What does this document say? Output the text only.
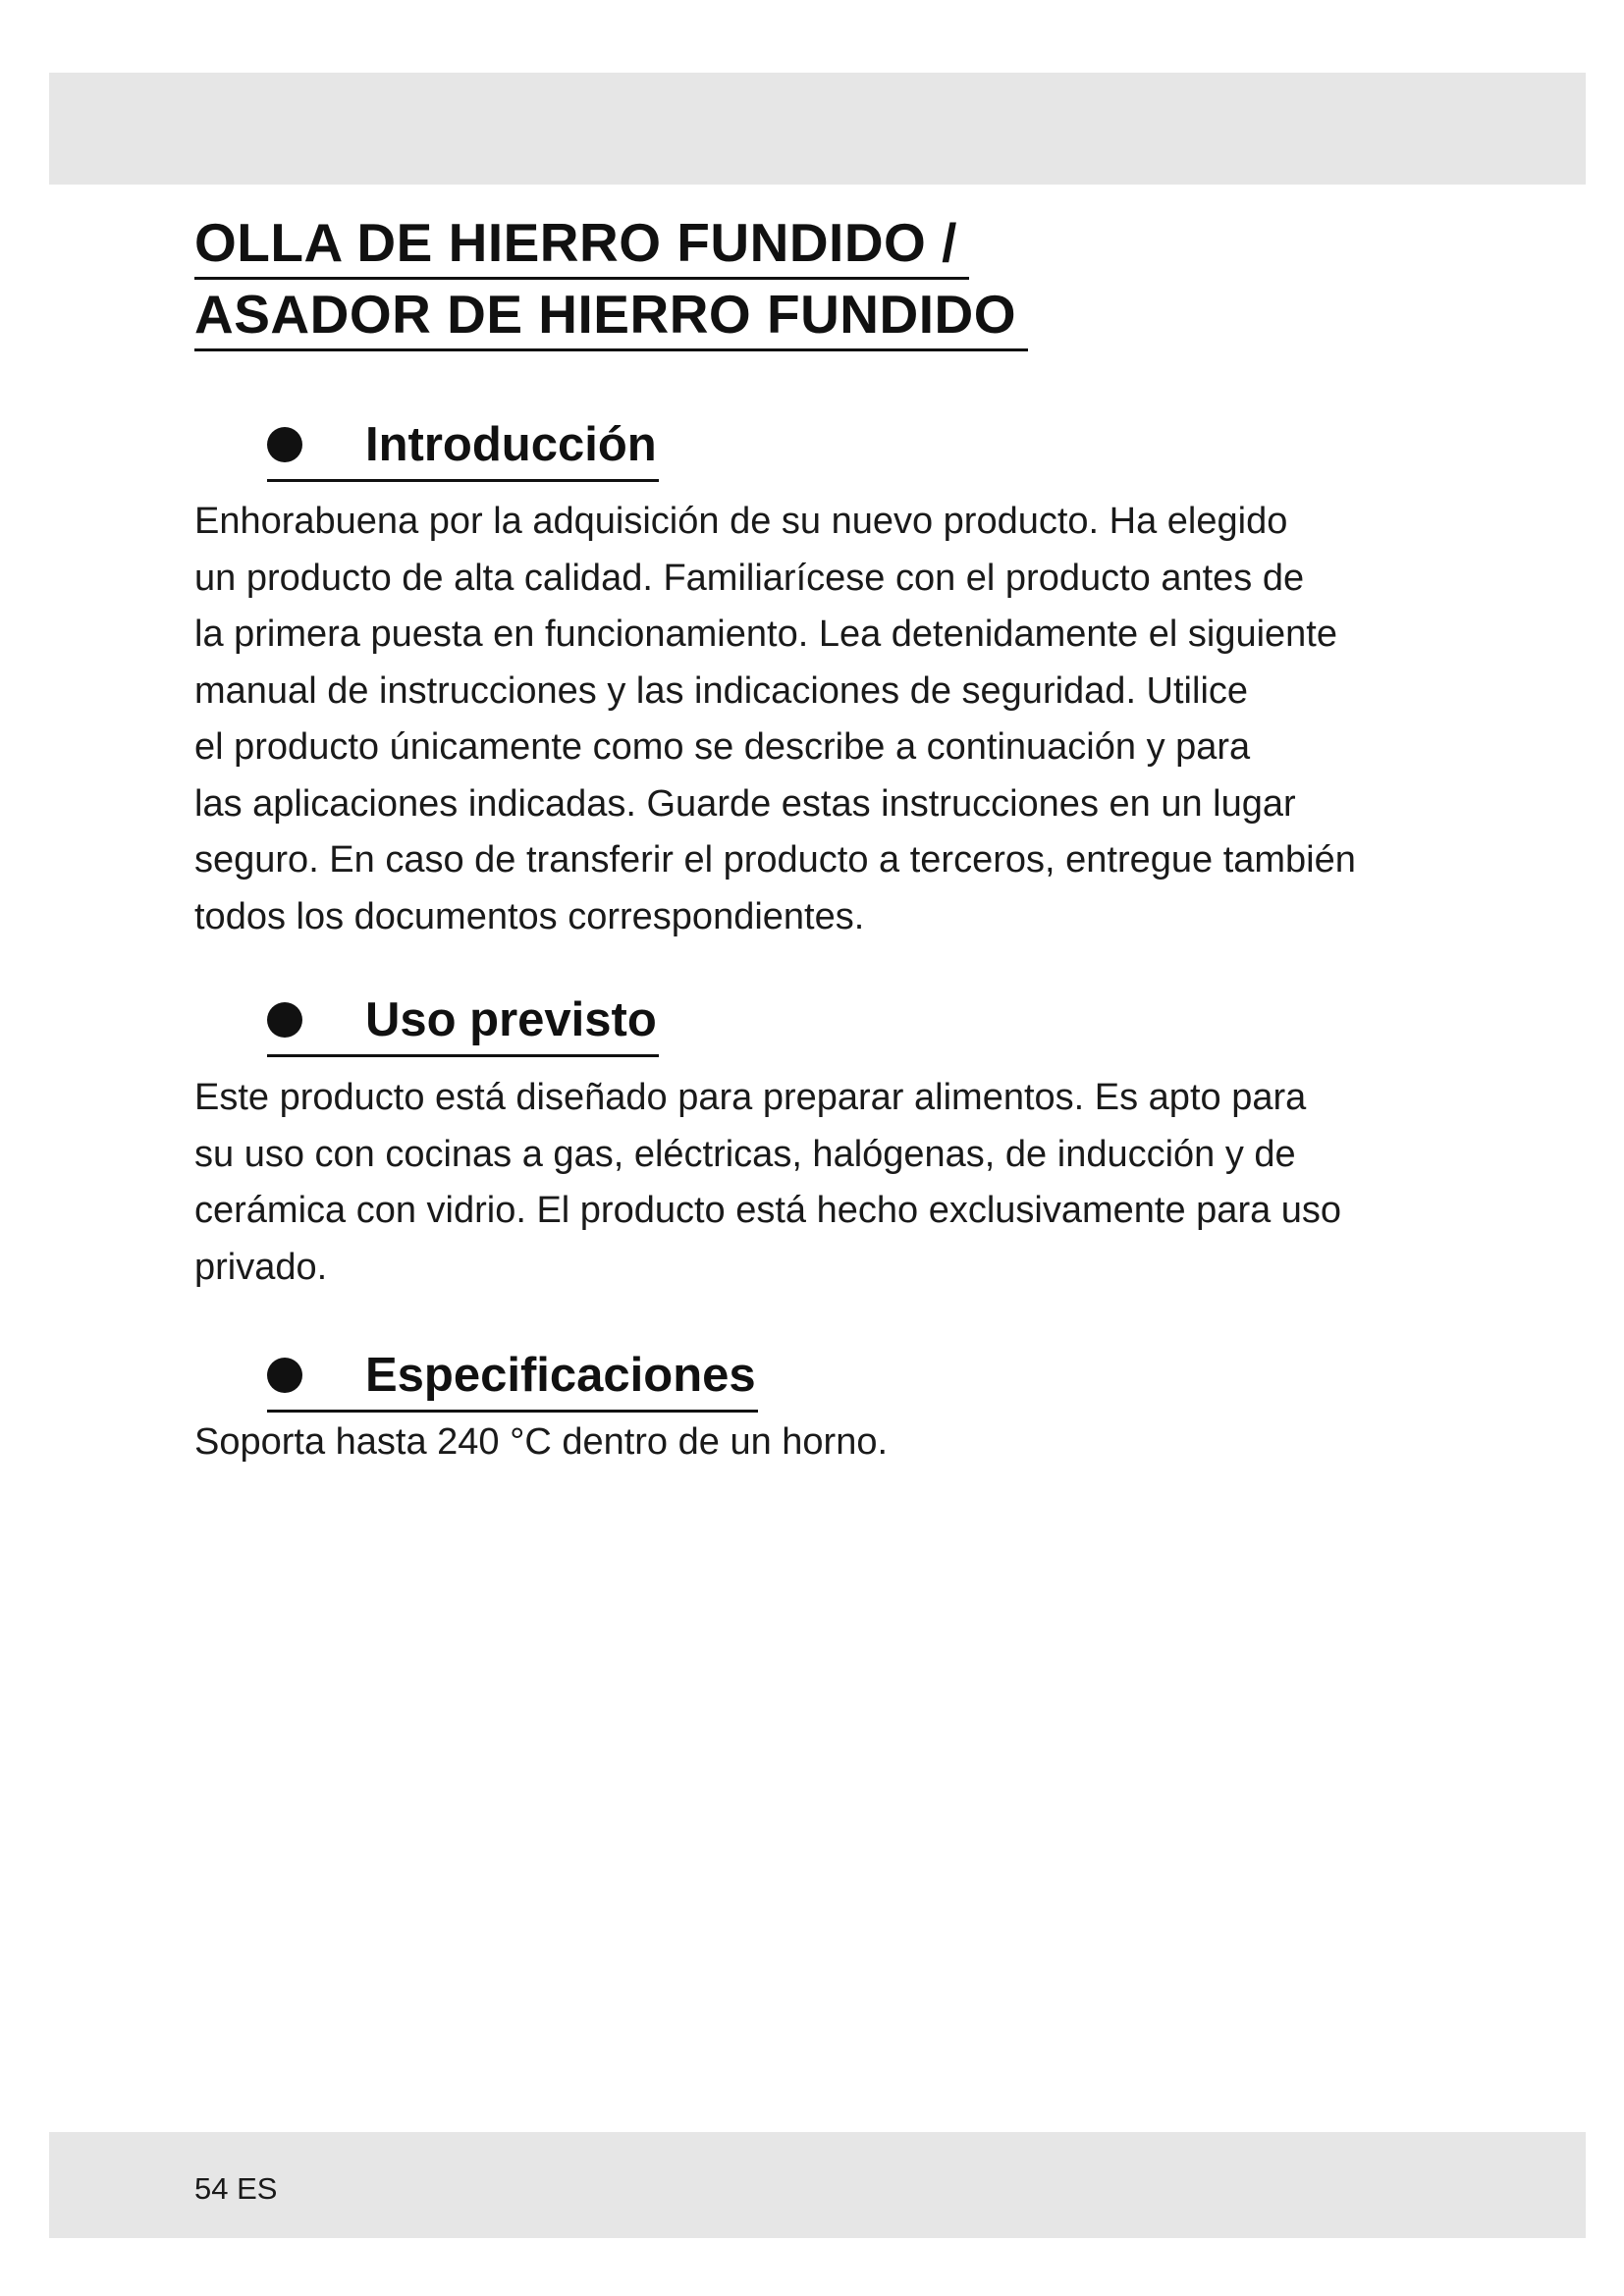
OLLA DE HIERRO FUNDIDO /
ASADOR DE HIERRO FUNDIDO
Introducción

Enhorabuena por la adquisición de su nuevo producto. Ha elegido
un producto de alta calidad. Familiarícese con el producto antes de
la primera puesta en funcionamiento. Lea detenidamente el siguiente
manual de instrucciones y las indicaciones de seguridad. Utilice
el producto únicamente como se describe a continuación y para
las aplicaciones indicadas. Guarde estas instrucciones en un lugar
seguro. En caso de transferir el producto a terceros, entregue también
todos los documentos correspondientes.

Uso previsto

Este producto está diseñado para preparar alimentos. Es apto para
su uso con cocinas a gas, eléctricas, halógenas, de inducción y de
cerámica con vidrio. El producto está hecho exclusivamente para uso
privado.

Especificaciones

Soporta hasta 240 °C dentro de un horno.

54 ES
